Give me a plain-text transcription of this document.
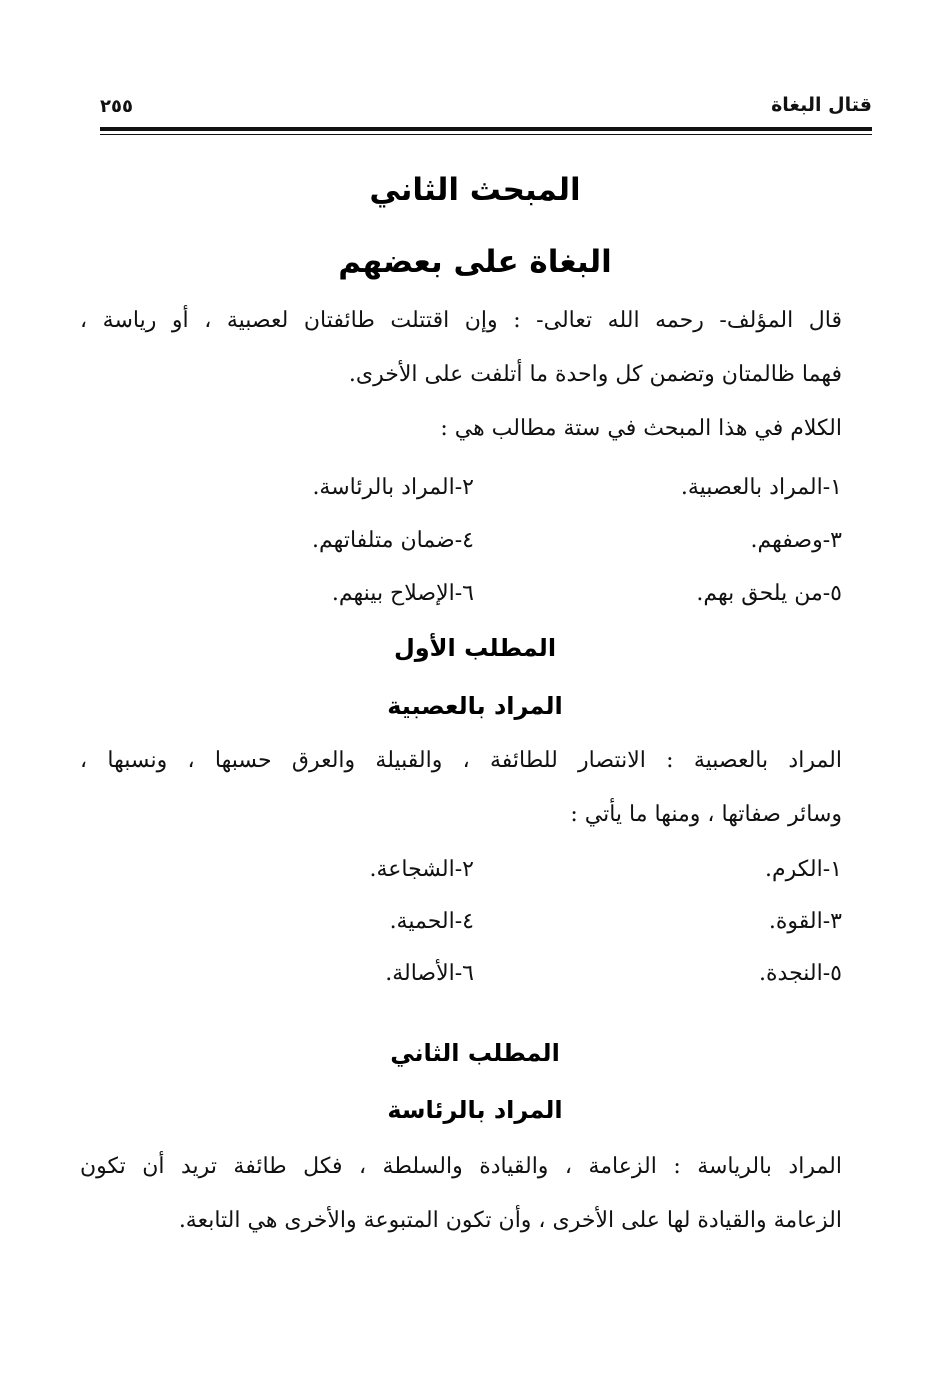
قتال البغاة
٢٥٥
المبحث الثاني
البغاة على بعضهم
قال المؤلف- رحمه الله تعالى- : وإن اقتتلت طائفتان لعصبية ، أو رياسة ،
فهما ظالمتان وتضمن كل واحدة ما أتلفت على الأخرى.
الكلام في هذا المبحث في ستة مطالب هي :
١-المراد بالعصبية.
٢-المراد بالرئاسة.
٣-وصفهم.
٤-ضمان متلفاتهم.
٥-من يلحق بهم.
٦-الإصلاح بينهم.
المطلب الأول
المراد بالعصبية
المراد بالعصبية : الانتصار للطائفة ، والقبيلة والعرق حسبها ، ونسبها ،
وسائر صفاتها ، ومنها ما يأتي :
١-الكرم.
٢-الشجاعة.
٣-القوة.
٤-الحمية.
٥-النجدة.
٦-الأصالة.
المطلب الثاني
المراد بالرئاسة
المراد بالرياسة : الزعامة ، والقيادة والسلطة ، فكل طائفة تريد أن تكون
الزعامة والقيادة لها على الأخرى ، وأن تكون المتبوعة والأخرى هي التابعة.
